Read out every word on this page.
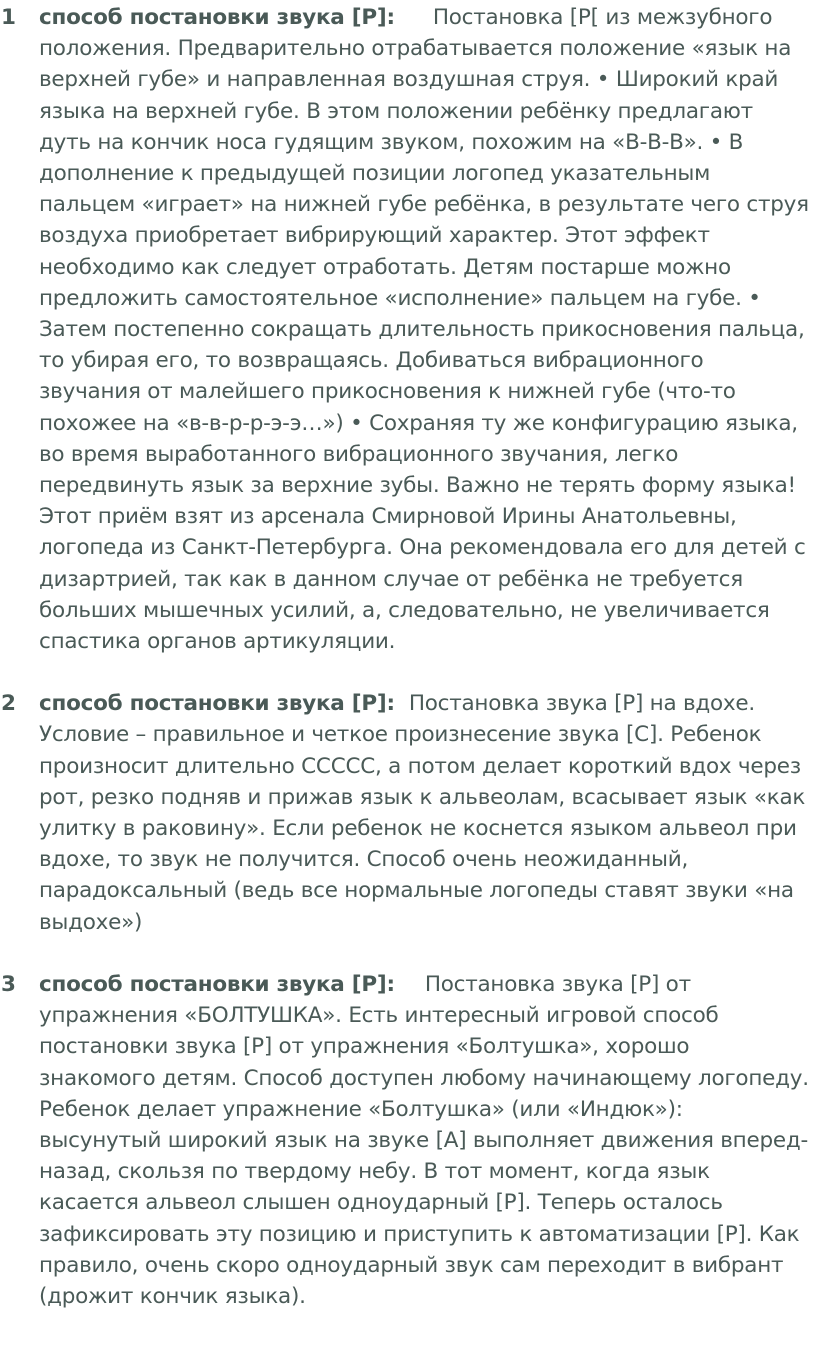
1	способ постановки звука [Р]: Постановка [Р[ из межзубного положения. Предварительно отрабатывается положение «язык на верхней губе» и направленная воздушная струя. • Широкий край языка на верхней губе. В этом положении ребёнку предлагают дуть на кончик носа гудящим звуком, похожим на «В-В-В». • В дополнение к предыдущей позиции логопед указательным пальцем «играет» на нижней губе ребёнка, в результате чего струя воздуха приобретает вибрирующий характер. Этот эффект необходимо как следует отработать. Детям постарше можно предложить самостоятельное «исполнение» пальцем на губе. • Затем постепенно сокращать длительность прикосновения пальца, то убирая его, то возвращаясь. Добиваться вибрационного звучания от малейшего прикосновения к нижней губе (что-то похожее на «в-в-р-р-э-э…») • Сохраняя ту же конфигурацию языка, во время выработанного вибрационного звучания, легко передвинуть язык за верхние зубы. Важно не терять форму языка! Этот приём взят из арсенала Смирновой Ирины Анатольевны, логопеда из Санкт-Петербурга. Она рекомендовала его для детей с дизартрией, так как в данном случае от ребёнка не требуется больших мышечных усилий, а, следовательно, не увеличивается спастика органов артикуляции.
2	способ постановки звука [Р]: Постановка звука [Р] на вдохе. Условие – правильное и четкое произнесение звука [С]. Ребенок произносит длительно ССССС, а потом делает короткий вдох через рот, резко подняв и прижав язык к альвеолам, всасывает язык «как улитку в раковину». Если ребенок не коснется языком альвеол при вдохе, то звук не получится. Способ очень неожиданный, парадоксальный (ведь все нормальные логопеды ставят звуки «на выдохе»)
3	способ постановки звука [Р]: Постановка звука [Р] от упражнения «БОЛТУШКА». Есть интересный игровой способ постановки звука [Р] от упражнения «Болтушка», хорошо знакомого детям. Способ доступен любому начинающему логопеду. Ребенок делает упражнение «Болтушка» (или «Индюк»): высунутый широкий язык на звуке [А] выполняет движения вперед-назад, скользя по твердому небу. В тот момент, когда язык касается альвеол слышен одноударный [Р]. Теперь осталось зафиксировать эту позицию и приступить к автоматизации [Р]. Как правило, очень скоро одноударный звук сам переходит в вибрант (дрожит кончик языка).
